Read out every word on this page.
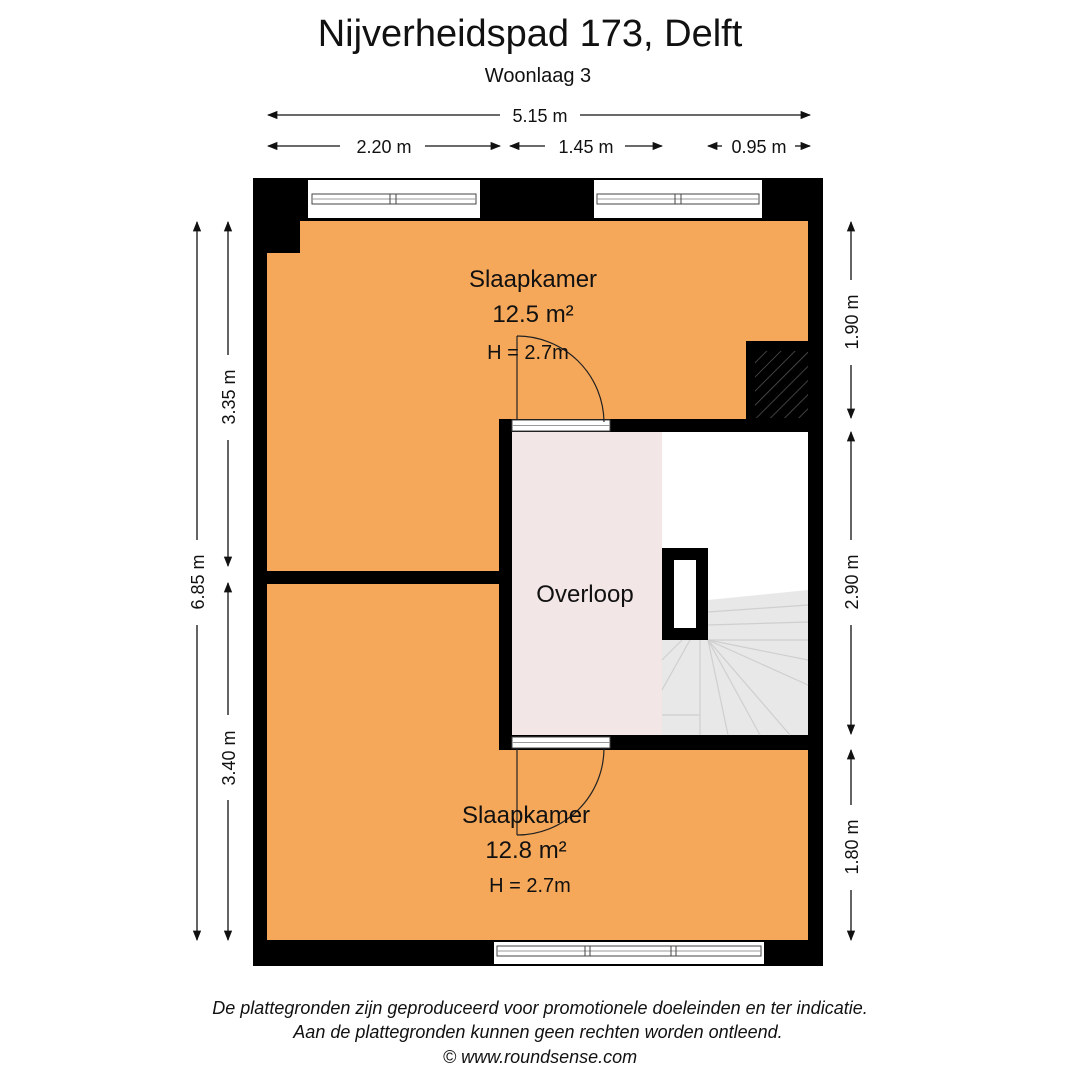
Nijverheidspad 173, Delft
Woonlaag 3
5.15 m
2.20 m	1.45 m	0.95 m
6.85 m
3.35 m
3.40 m
1.90 m
2.90 m
1.80 m
Slaapkamer
12.5 m²
H = 2.7m
Overloop
Slaapkamer
12.8 m²
H = 2.7m
De plattegronden zijn geproduceerd voor promotionele doeleinden en ter indicatie.
Aan de plattegronden kunnen geen rechten worden ontleend.
© www.roundsense.com
